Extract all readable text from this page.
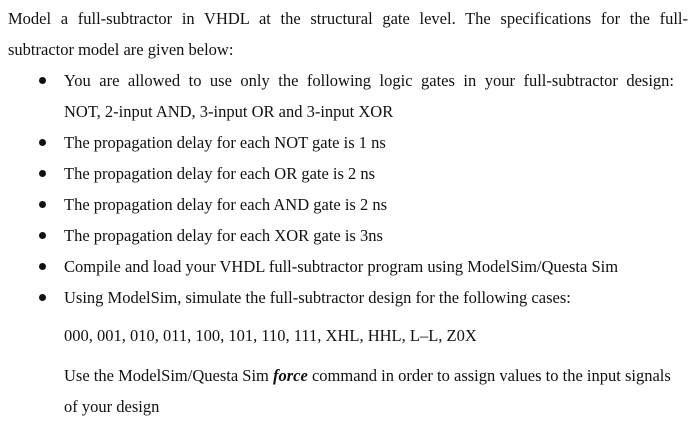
Model a full-subtractor in VHDL at the structural gate level. The specifications for the full-
subtractor model are given below:
You are allowed to use only the following logic gates in your full-subtractor design:
NOT, 2-input AND, 3-input OR and 3-input XOR
The propagation delay for each NOT gate is 1 ns
The propagation delay for each OR gate is 2 ns
The propagation delay for each AND gate is 2 ns
The propagation delay for each XOR gate is 3ns
Compile and load your VHDL full-subtractor program using ModelSim/Questa Sim
Using ModelSim, simulate the full-subtractor design for the following cases:
000, 001, 010, 011, 100, 101, 110, 111, XHL, HHL, L–L, Z0X
Use the ModelSim/Questa Sim force command in order to assign values to the input signals
of your design
